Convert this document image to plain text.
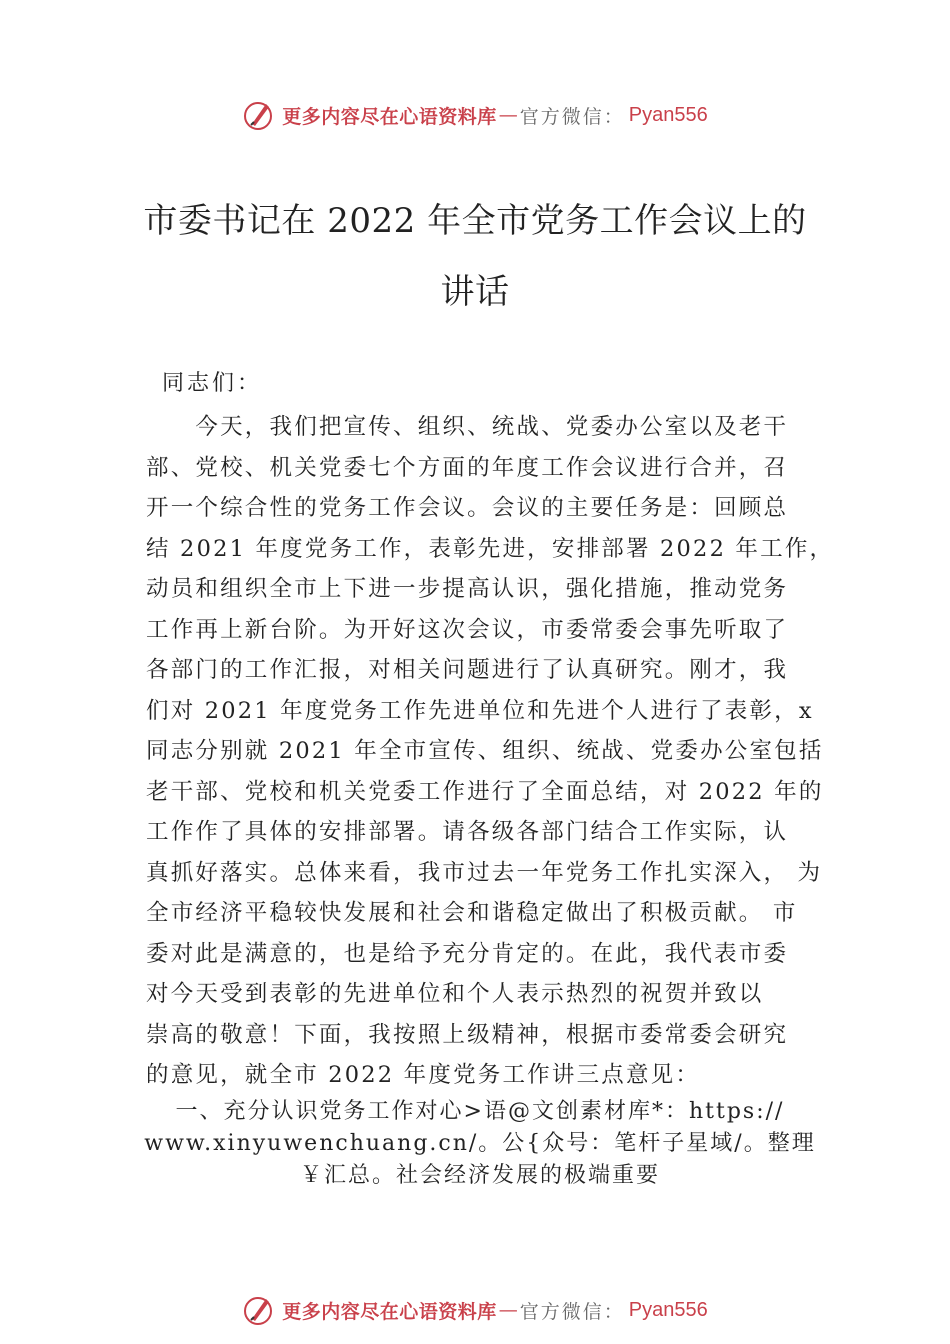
更多内容尽在心语资料库 — 官方微信： Pyan556
市委书记在 2022 年全市党务工作会议上的
讲话
同志们：

　　今天，我们把宣传、组织、统战、党委办公室以及老干
部、党校、机关党委七个方面的年度工作会议进行合并，召
开一个综合性的党务工作会议。会议的主要任务是：回顾总
结 2021 年度党务工作，表彰先进，安排部署 2022 年工作，
动员和组织全市上下进一步提高认识，强化措施，推动党务
工作再上新台阶。为开好这次会议，市委常委会事先听取了
各部门的工作汇报，对相关问题进行了认真研究。刚才，我
们对 2021 年度党务工作先进单位和先进个人进行了表彰，x
同志分别就 2021 年全市宣传、组织、统战、党委办公室包括
老干部、党校和机关党委工作进行了全面总结，对 2022 年的
工作作了具体的安排部署。请各级各部门结合工作实际，认
真抓好落实。总体来看，我市过去一年党务工作扎实深入， 为
全市经济平稳较快发展和社会和谐稳定做出了积极贡献。 市
委对此是满意的，也是给予充分肯定的。在此，我代表市委
对今天受到表彰的先进单位和个人表示热烈的祝贺并致以
崇高的敬意！下面，我按照上级精神，根据市委常委会研究
的意见，就全市 2022 年度党务工作讲三点意见：

一、充分认识党务工作对心>语@文创素材库*：https://
www.xinyuwenchuang.cn/。公{众号：笔杆子星域/。整理
￥汇总。社会经济发展的极端重要
更多内容尽在心语资料库 — 官方微信： Pyan556
